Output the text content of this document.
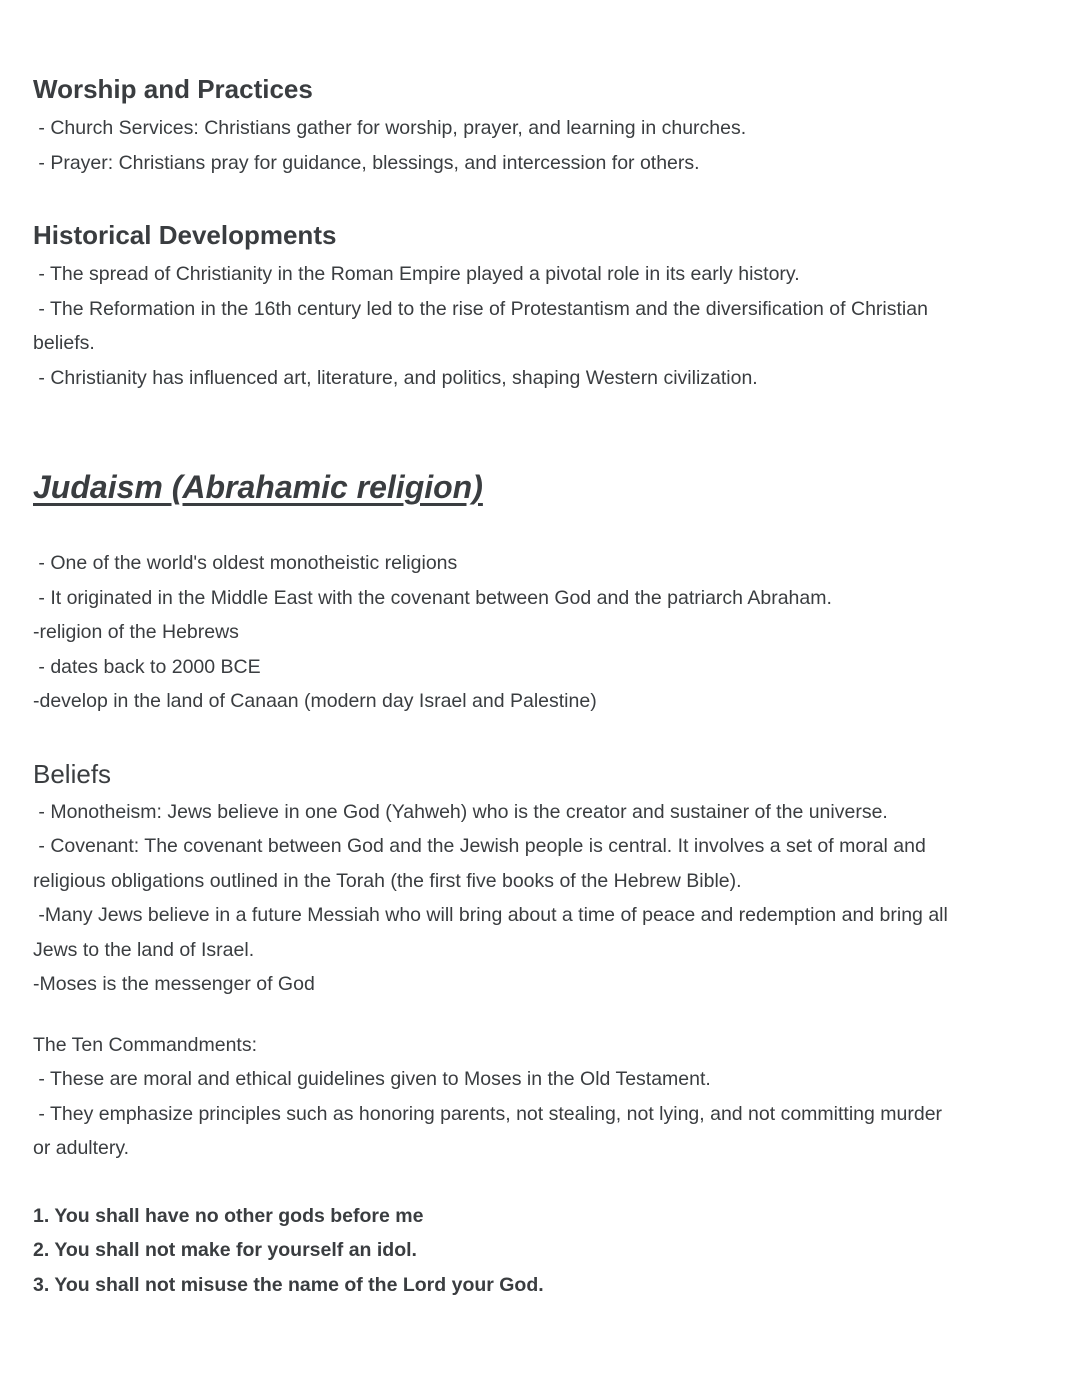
Worship and Practices
- Church Services: Christians gather for worship, prayer, and learning in churches.
- Prayer: Christians pray for guidance, blessings, and intercession for others.
Historical Developments
- The spread of Christianity in the Roman Empire played a pivotal role in its early history.
- The Reformation in the 16th century led to the rise of Protestantism and the diversification of Christian
beliefs.
- Christianity has influenced art, literature, and politics, shaping Western civilization.
Judaism (Abrahamic religion)
- One of the world's oldest monotheistic religions
- It originated in the Middle East with the covenant between God and the patriarch Abraham.
-religion of the Hebrews
- dates back to 2000 BCE
-develop in the land of Canaan (modern day Israel and Palestine)
Beliefs
- Monotheism: Jews believe in one God (Yahweh) who is the creator and sustainer of the universe.
- Covenant: The covenant between God and the Jewish people is central. It involves a set of moral and
religious obligations outlined in the Torah (the first five books of the Hebrew Bible).
-Many Jews believe in a future Messiah who will bring about a time of peace and redemption and bring all
Jews to the land of Israel.
-Moses is the messenger of God
The Ten Commandments:
- These are moral and ethical guidelines given to Moses in the Old Testament.
- They emphasize principles such as honoring parents, not stealing, not lying, and not committing murder
or adultery.
1. You shall have no other gods before me
2. You shall not make for yourself an idol.
3. You shall not misuse the name of the Lord your God.
